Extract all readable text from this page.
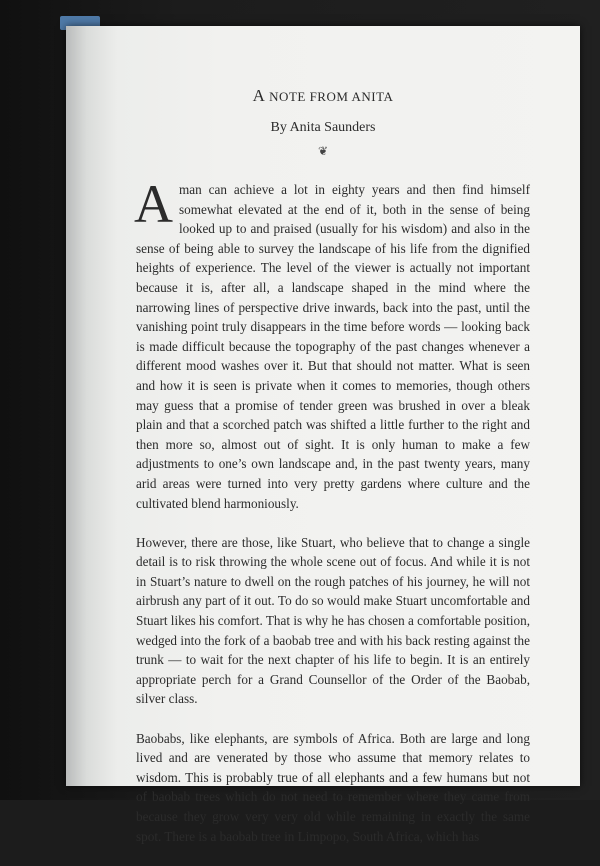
A NOTE FROM ANITA
By Anita Saunders
❦

A man can achieve a lot in eighty years and then find himself somewhat elevated at the end of it, both in the sense of being looked up to and praised (usually for his wisdom) and also in the sense of being able to survey the landscape of his life from the dignified heights of experience. The level of the viewer is actually not important because it is, after all, a landscape shaped in the mind where the narrowing lines of perspective drive inwards, back into the past, until the vanishing point truly disappears in the time before words — looking back is made difficult because the topography of the past changes whenever a different mood washes over it. But that should not matter. What is seen and how it is seen is private when it comes to memories, though others may guess that a promise of tender green was brushed in over a bleak plain and that a scorched patch was shifted a little further to the right and then more so, almost out of sight. It is only human to make a few adjustments to one’s own landscape and, in the past twenty years, many arid areas were turned into very pretty gardens where culture and the cultivated blend harmoniously.

However, there are those, like Stuart, who believe that to change a single detail is to risk throwing the whole scene out of focus. And while it is not in Stuart’s nature to dwell on the rough patches of his journey, he will not airbrush any part of it out. To do so would make Stuart uncomfortable and Stuart likes his comfort. That is why he has chosen a comfortable position, wedged into the fork of a baobab tree and with his back resting against the trunk — to wait for the next chapter of his life to begin. It is an entirely appropriate perch for a Grand Counsellor of the Order of the Baobab, silver class.

Baobabs, like elephants, are symbols of Africa. Both are large and long lived and are venerated by those who assume that memory relates to wisdom. This is probably true of all elephants and a few humans but not of baobab trees which do not need to remember where they came from because they grow very very old while remaining in exactly the same spot. There is a baobab tree in Limpopo, South Africa, which has
